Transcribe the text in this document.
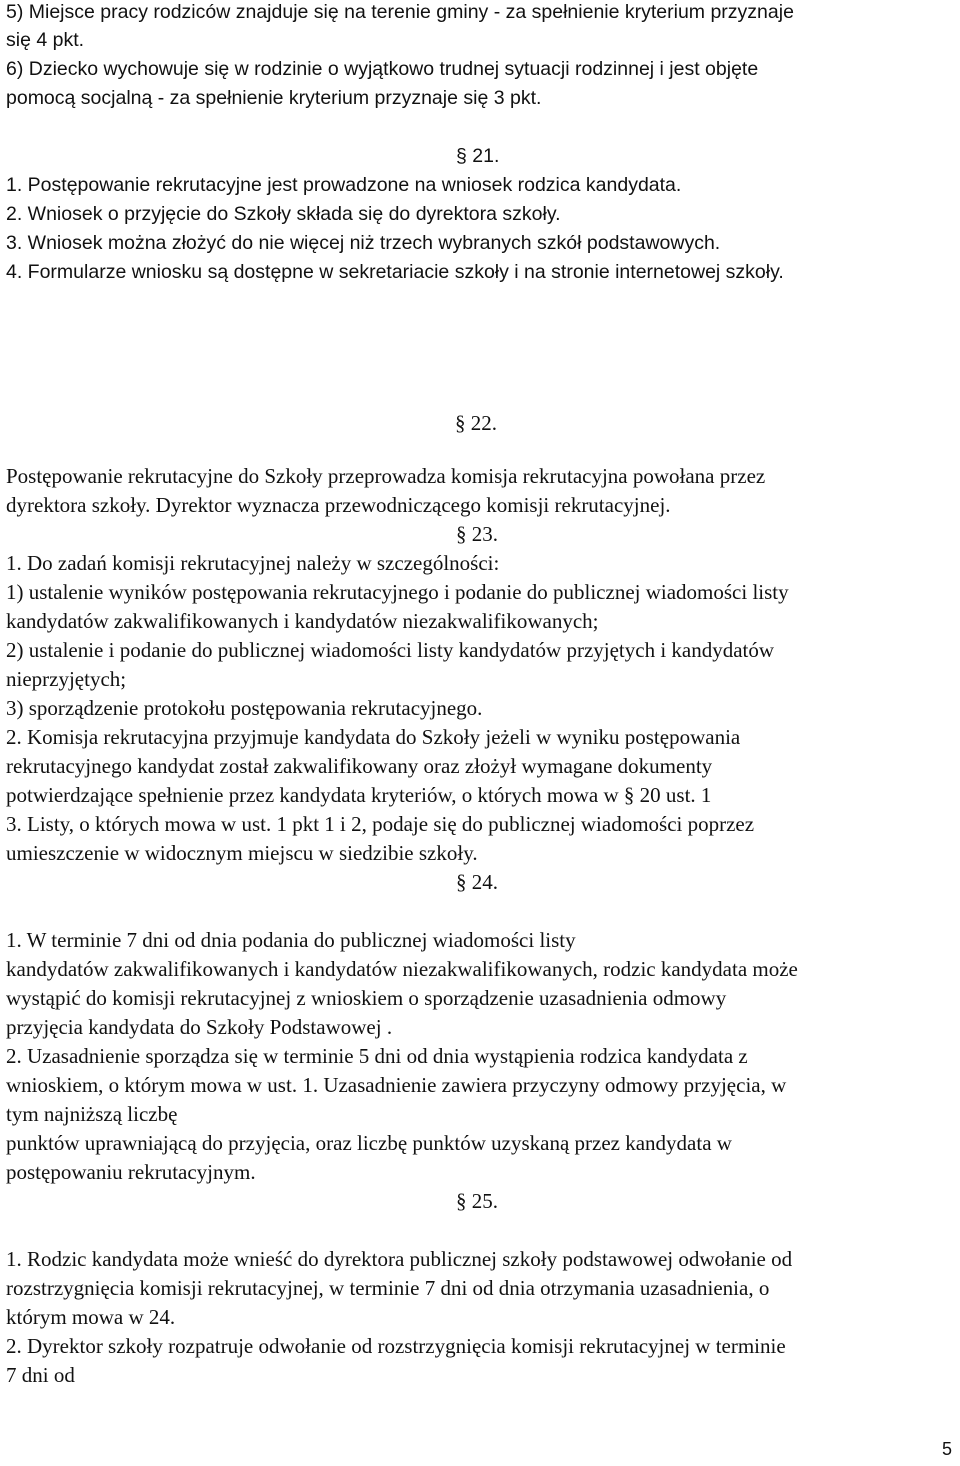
5) Miejsce pracy rodziców znajduje się na terenie gminy - za spełnienie kryterium przyznaje

się 4 pkt.

6) Dziecko wychowuje się w rodzinie o wyjątkowo trudnej sytuacji rodzinnej i jest objęte

pomocą socjalną - za spełnienie kryterium przyznaje się 3 pkt.

§ 21.

1. Postępowanie rekrutacyjne jest prowadzone na wniosek rodzica kandydata.

2. Wniosek o przyjęcie do Szkoły składa się do dyrektora szkoły.

3. Wniosek można złożyć do nie więcej niż trzech wybranych szkół podstawowych.

4. Formularze wniosku są dostępne w sekretariacie szkoły i na stronie internetowej szkoły.

§ 22.

Postępowanie rekrutacyjne do Szkoły przeprowadza komisja rekrutacyjna powołana przez

dyrektora szkoły. Dyrektor wyznacza przewodniczącego komisji rekrutacyjnej.

§ 23.

1. Do zadań komisji rekrutacyjnej należy w szczególności:

1) ustalenie wyników postępowania rekrutacyjnego i podanie do publicznej wiadomości listy

kandydatów zakwalifikowanych i kandydatów niezakwalifikowanych;

2) ustalenie i podanie do publicznej wiadomości listy kandydatów przyjętych i kandydatów

nieprzyjętych;

3) sporządzenie protokołu postępowania rekrutacyjnego.

2. Komisja rekrutacyjna przyjmuje kandydata do Szkoły jeżeli w wyniku postępowania

rekrutacyjnego kandydat został zakwalifikowany oraz złożył wymagane dokumenty

potwierdzające spełnienie przez kandydata kryteriów, o których mowa w § 20 ust. 1

3. Listy, o których mowa w ust. 1 pkt 1 i 2, podaje się do publicznej wiadomości poprzez

umieszczenie w widocznym miejscu w siedzibie szkoły.

§ 24.

1. W terminie 7 dni od dnia podania do publicznej wiadomości listy

kandydatów zakwalifikowanych i kandydatów niezakwalifikowanych, rodzic kandydata może

wystąpić do komisji rekrutacyjnej z wnioskiem o sporządzenie uzasadnienia odmowy

przyjęcia kandydata do Szkoły Podstawowej .

2. Uzasadnienie sporządza się w terminie 5 dni od dnia wystąpienia rodzica kandydata z

wnioskiem, o którym mowa w ust. 1. Uzasadnienie zawiera przyczyny odmowy przyjęcia, w

tym najniższą liczbę

punktów uprawniającą do przyjęcia, oraz liczbę punktów uzyskaną przez kandydata w

postępowaniu rekrutacyjnym.

§ 25.

1. Rodzic kandydata może wnieść do dyrektora publicznej szkoły podstawowej odwołanie od

rozstrzygnięcia komisji rekrutacyjnej, w terminie 7 dni od dnia otrzymania uzasadnienia, o

którym mowa w 24.

2. Dyrektor szkoły rozpatruje odwołanie od rozstrzygnięcia komisji rekrutacyjnej w terminie

7 dni od

5
